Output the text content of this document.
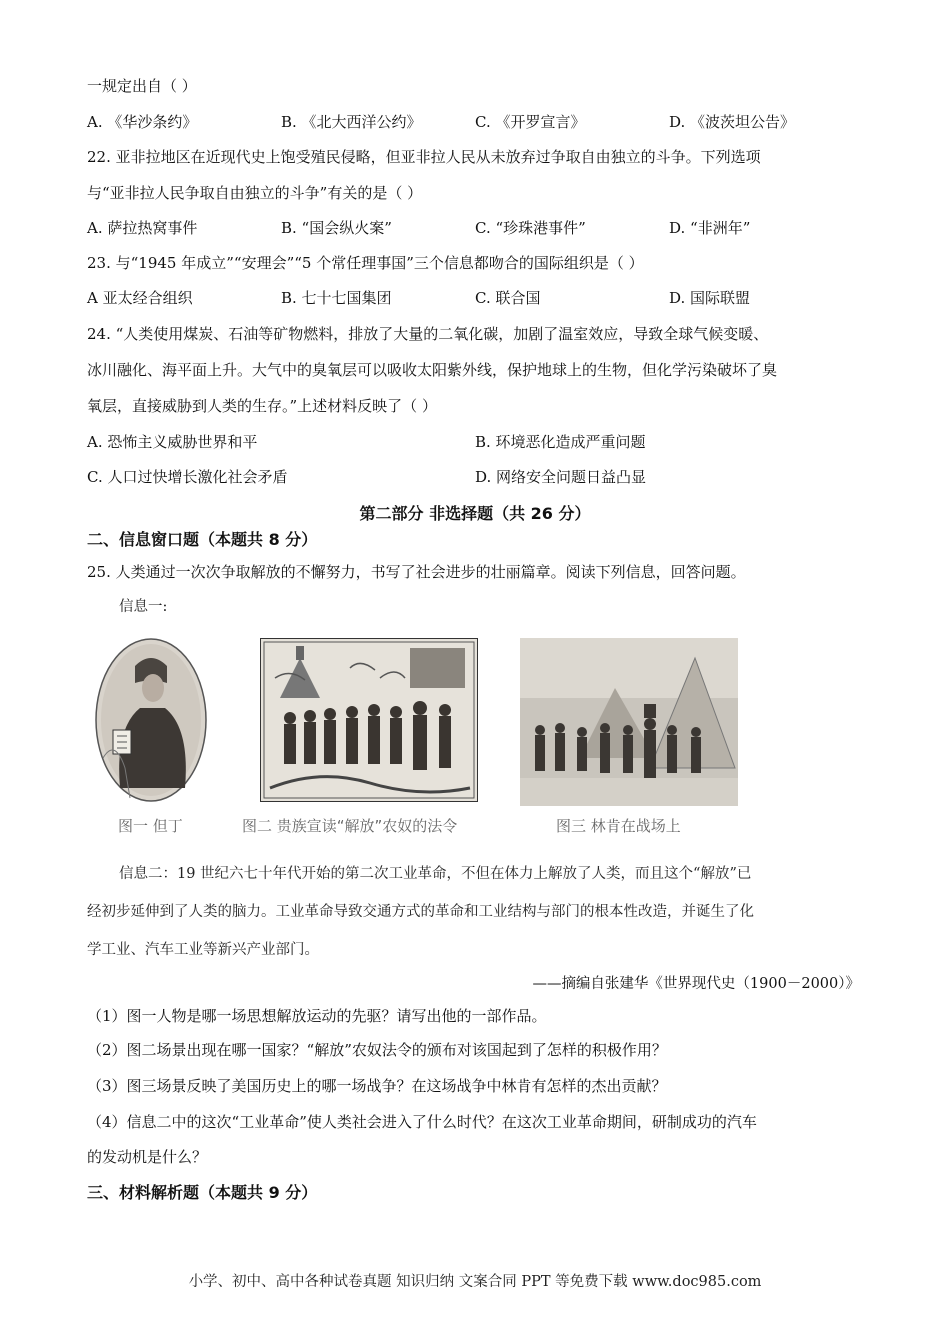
一规定出自（ ）
A. 《华沙条约》	B. 《北大西洋公约》	C. 《开罗宣言》	D. 《波茨坦公告》
22. 亚非拉地区在近现代史上饱受殖民侵略，但亚非拉人民从未放弃过争取自由独立的斗争。下列选项
与“亚非拉人民争取自由独立的斗争”有关的是（ ）
A. 萨拉热窝事件	B. “国会纵火案”	C. “珍珠港事件”	D. “非洲年”
23. 与“1945 年成立”“安理会”“5 个常任理事国”三个信息都吻合的国际组织是（ ）
A 亚太经合组织	B. 七十七国集团	C. 联合国	D. 国际联盟
24. “人类使用煤炭、石油等矿物燃料，排放了大量的二氧化碳，加剧了温室效应，导致全球气候变暖、
冰川融化、海平面上升。大气中的臭氧层可以吸收太阳紫外线，保护地球上的生物，但化学污染破坏了臭
氧层，直接威胁到人类的生存。”上述材料反映了（ ）
A. 恐怖主义威胁世界和平	B. 环境恶化造成严重问题
C. 人口过快增长激化社会矛盾	D. 网络安全问题日益凸显
第二部分 非选择题（共 26 分）
二、信息窗口题（本题共 8 分）
25. 人类通过一次次争取解放的不懈努力，书写了社会进步的壮丽篇章。阅读下列信息，回答问题。
信息一:
图一 但丁	图二 贵族宣读“解放”农奴的法令	图三 林肯在战场上
信息二：19 世纪六七十年代开始的第二次工业革命，不但在体力上解放了人类，而且这个“解放”已
经初步延伸到了人类的脑力。工业革命导致交通方式的革命和工业结构与部门的根本性改造，并诞生了化
学工业、汽车工业等新兴产业部门。
——摘编自张建华《世界现代史（1900－2000）》
（1）图一人物是哪一场思想解放运动的先驱？请写出他的一部作品。
（2）图二场景出现在哪一国家？“解放”农奴法令的颁布对该国起到了怎样的积极作用？
（3）图三场景反映了美国历史上的哪一场战争？在这场战争中林肯有怎样的杰出贡献？
（4）信息二中的这次“工业革命”使人类社会进入了什么时代？在这次工业革命期间，研制成功的汽车
的发动机是什么？
三、材料解析题（本题共 9 分）
小学、初中、高中各种试卷真题 知识归纳 文案合同 PPT 等免费下载 www.doc985.com
